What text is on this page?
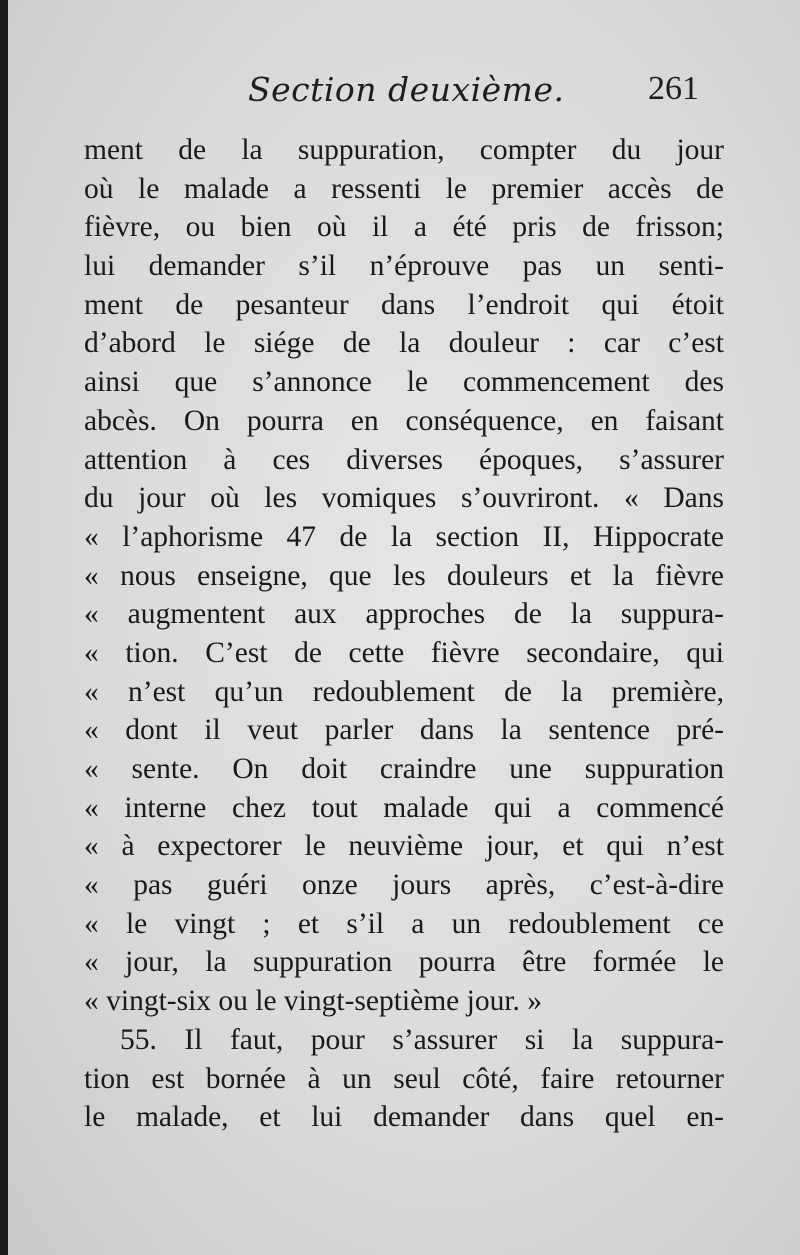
Section deuxième. 261
ment de la suppuration, compter du jour
où le malade a ressenti le premier accès de
fièvre, ou bien où il a été pris de frisson;
lui demander s’il n’éprouve pas un senti-
ment de pesanteur dans l’endroit qui étoit
d’abord le siége de la douleur : car c’est
ainsi que s’annonce le commencement des
abcès. On pourra en conséquence, en faisant
attention à ces diverses époques, s’assurer
du jour où les vomiques s’ouvriront. « Dans
« l’aphorisme 47 de la section II, Hippocrate
« nous enseigne, que les douleurs et la fièvre
« augmentent aux approches de la suppura-
« tion. C’est de cette fièvre secondaire, qui
« n’est qu’un redoublement de la première,
« dont il veut parler dans la sentence pré-
« sente. On doit craindre une suppuration
« interne chez tout malade qui a commencé
« à expectorer le neuvième jour, et qui n’est
« pas guéri onze jours après, c’est-à-dire
« le vingt ; et s’il a un redoublement ce
« jour, la suppuration pourra être formée le
« vingt-six ou le vingt-septième jour. »
55. Il faut, pour s’assurer si la suppura-
tion est bornée à un seul côté, faire retourner
le malade, et lui demander dans quel en-
